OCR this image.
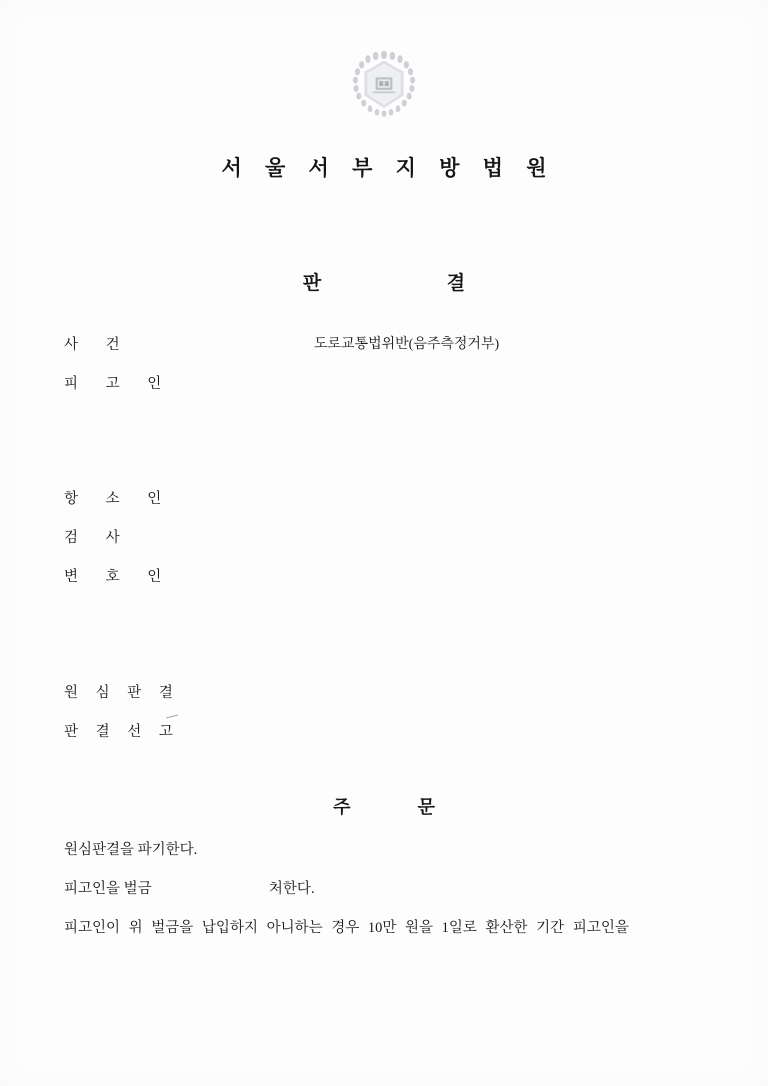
서 울 서 부 지 방 법 원
판	결
사 건	도로교통법위반(음주측정거부)
피 고 인
항 소 인
검 사
변 호 인
원 심 판 결
판 결 선 고
주	문
원심판결을 파기한다.
피고인을 벌금	처한다.
피고인이 위 벌금을 납입하지 아니하는 경우 10만 원을 1일로 환산한 기간 피고인을
